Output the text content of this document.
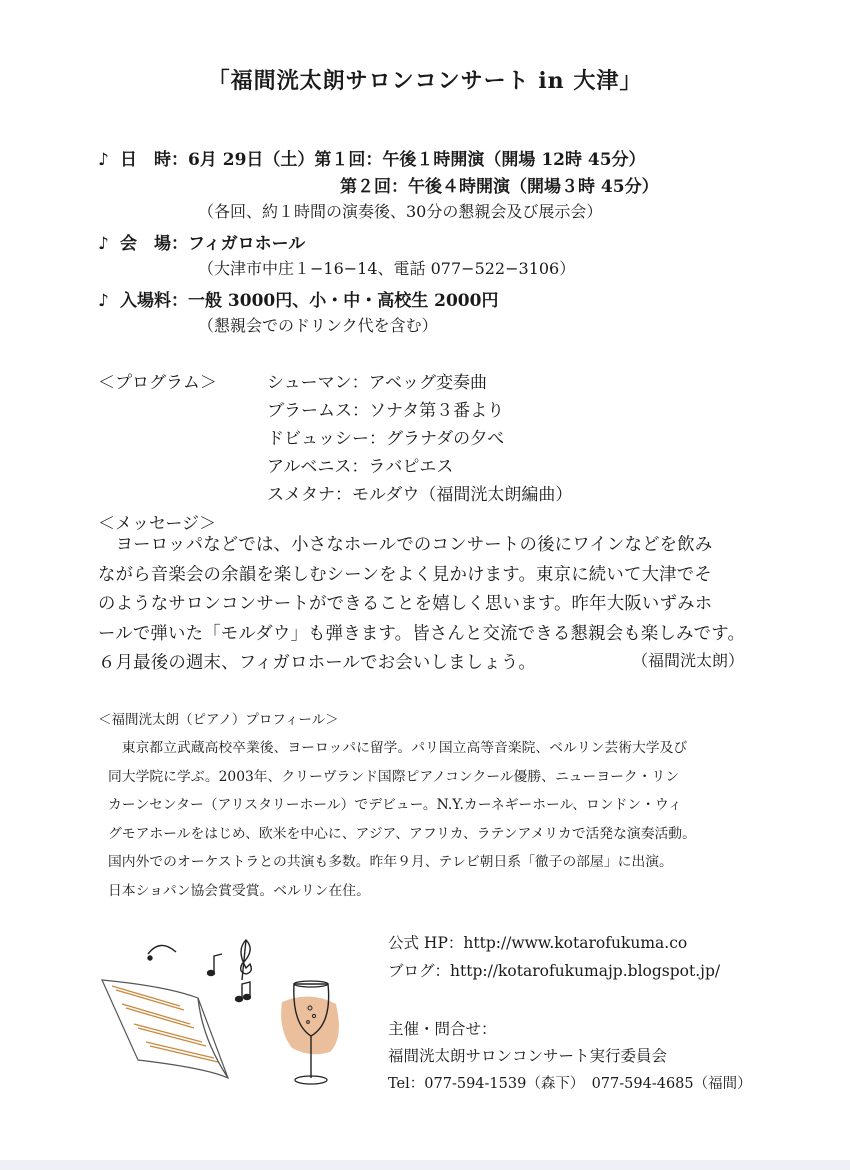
「福間洸太朗サロンコンサート in 大津」
♪ 日　時：6月 29日（土）第１回：午後１時開演（開場 12時 45分）
第２回：午後４時開演（開場３時 45分）
（各回、約１時間の演奏後、30分の懇親会及び展示会）
♪ 会　場：フィガロホール
（大津市中庄１−16−14、電話 077−522−3106）
♪ 入場料：一般 3000円、小・中・高校生 2000円
（懇親会でのドリンク代を含む）
＜プログラム＞	シューマン：アベッグ変奏曲
ブラームス：ソナタ第３番より
ドビュッシー：グラナダの夕べ
アルベニス：ラバピエス
スメタナ：モルダウ（福間洸太朗編曲）
＜メッセージ＞

　ヨーロッパなどでは、小さなホールでのコンサートの後にワインなどを飲み

ながら音楽会の余韻を楽しむシーンをよく見かけます。東京に続いて大津でそ

のようなサロンコンサートができることを嬉しく思います。昨年大阪いずみホ

ールで弾いた「モルダウ」も弾きます。皆さんと交流できる懇親会も楽しみです。

６月最後の週末、フィガロホールでお会いしましょう。	（福間洸太朗）
＜福間洸太朗（ピアノ）プロフィール＞

　東京都立武蔵高校卒業後、ヨーロッパに留学。パリ国立高等音楽院、ベルリン芸術大学及び

同大学院に学ぶ。2003年、クリーヴランド国際ピアノコンクール優勝、ニューヨーク・リン

カーンセンター（アリスタリーホール）でデビュー。N.Y.カーネギーホール、ロンドン・ウィ

グモアホールをはじめ、欧米を中心に、アジア、アフリカ、ラテンアメリカで活発な演奏活動。

国内外でのオーケストラとの共演も多数。昨年９月、テレビ朝日系「徹子の部屋」に出演。

日本ショパン協会賞受賞。ベルリン在住。

公式 HP：http://www.kotarofukuma.co
ブログ：http://kotarofukumajp.blogspot.jp/
主催・問合せ：
福間洸太朗サロンコンサート実行委員会
Tel：077-594-1539（森下）　077-594-4685（福間）
